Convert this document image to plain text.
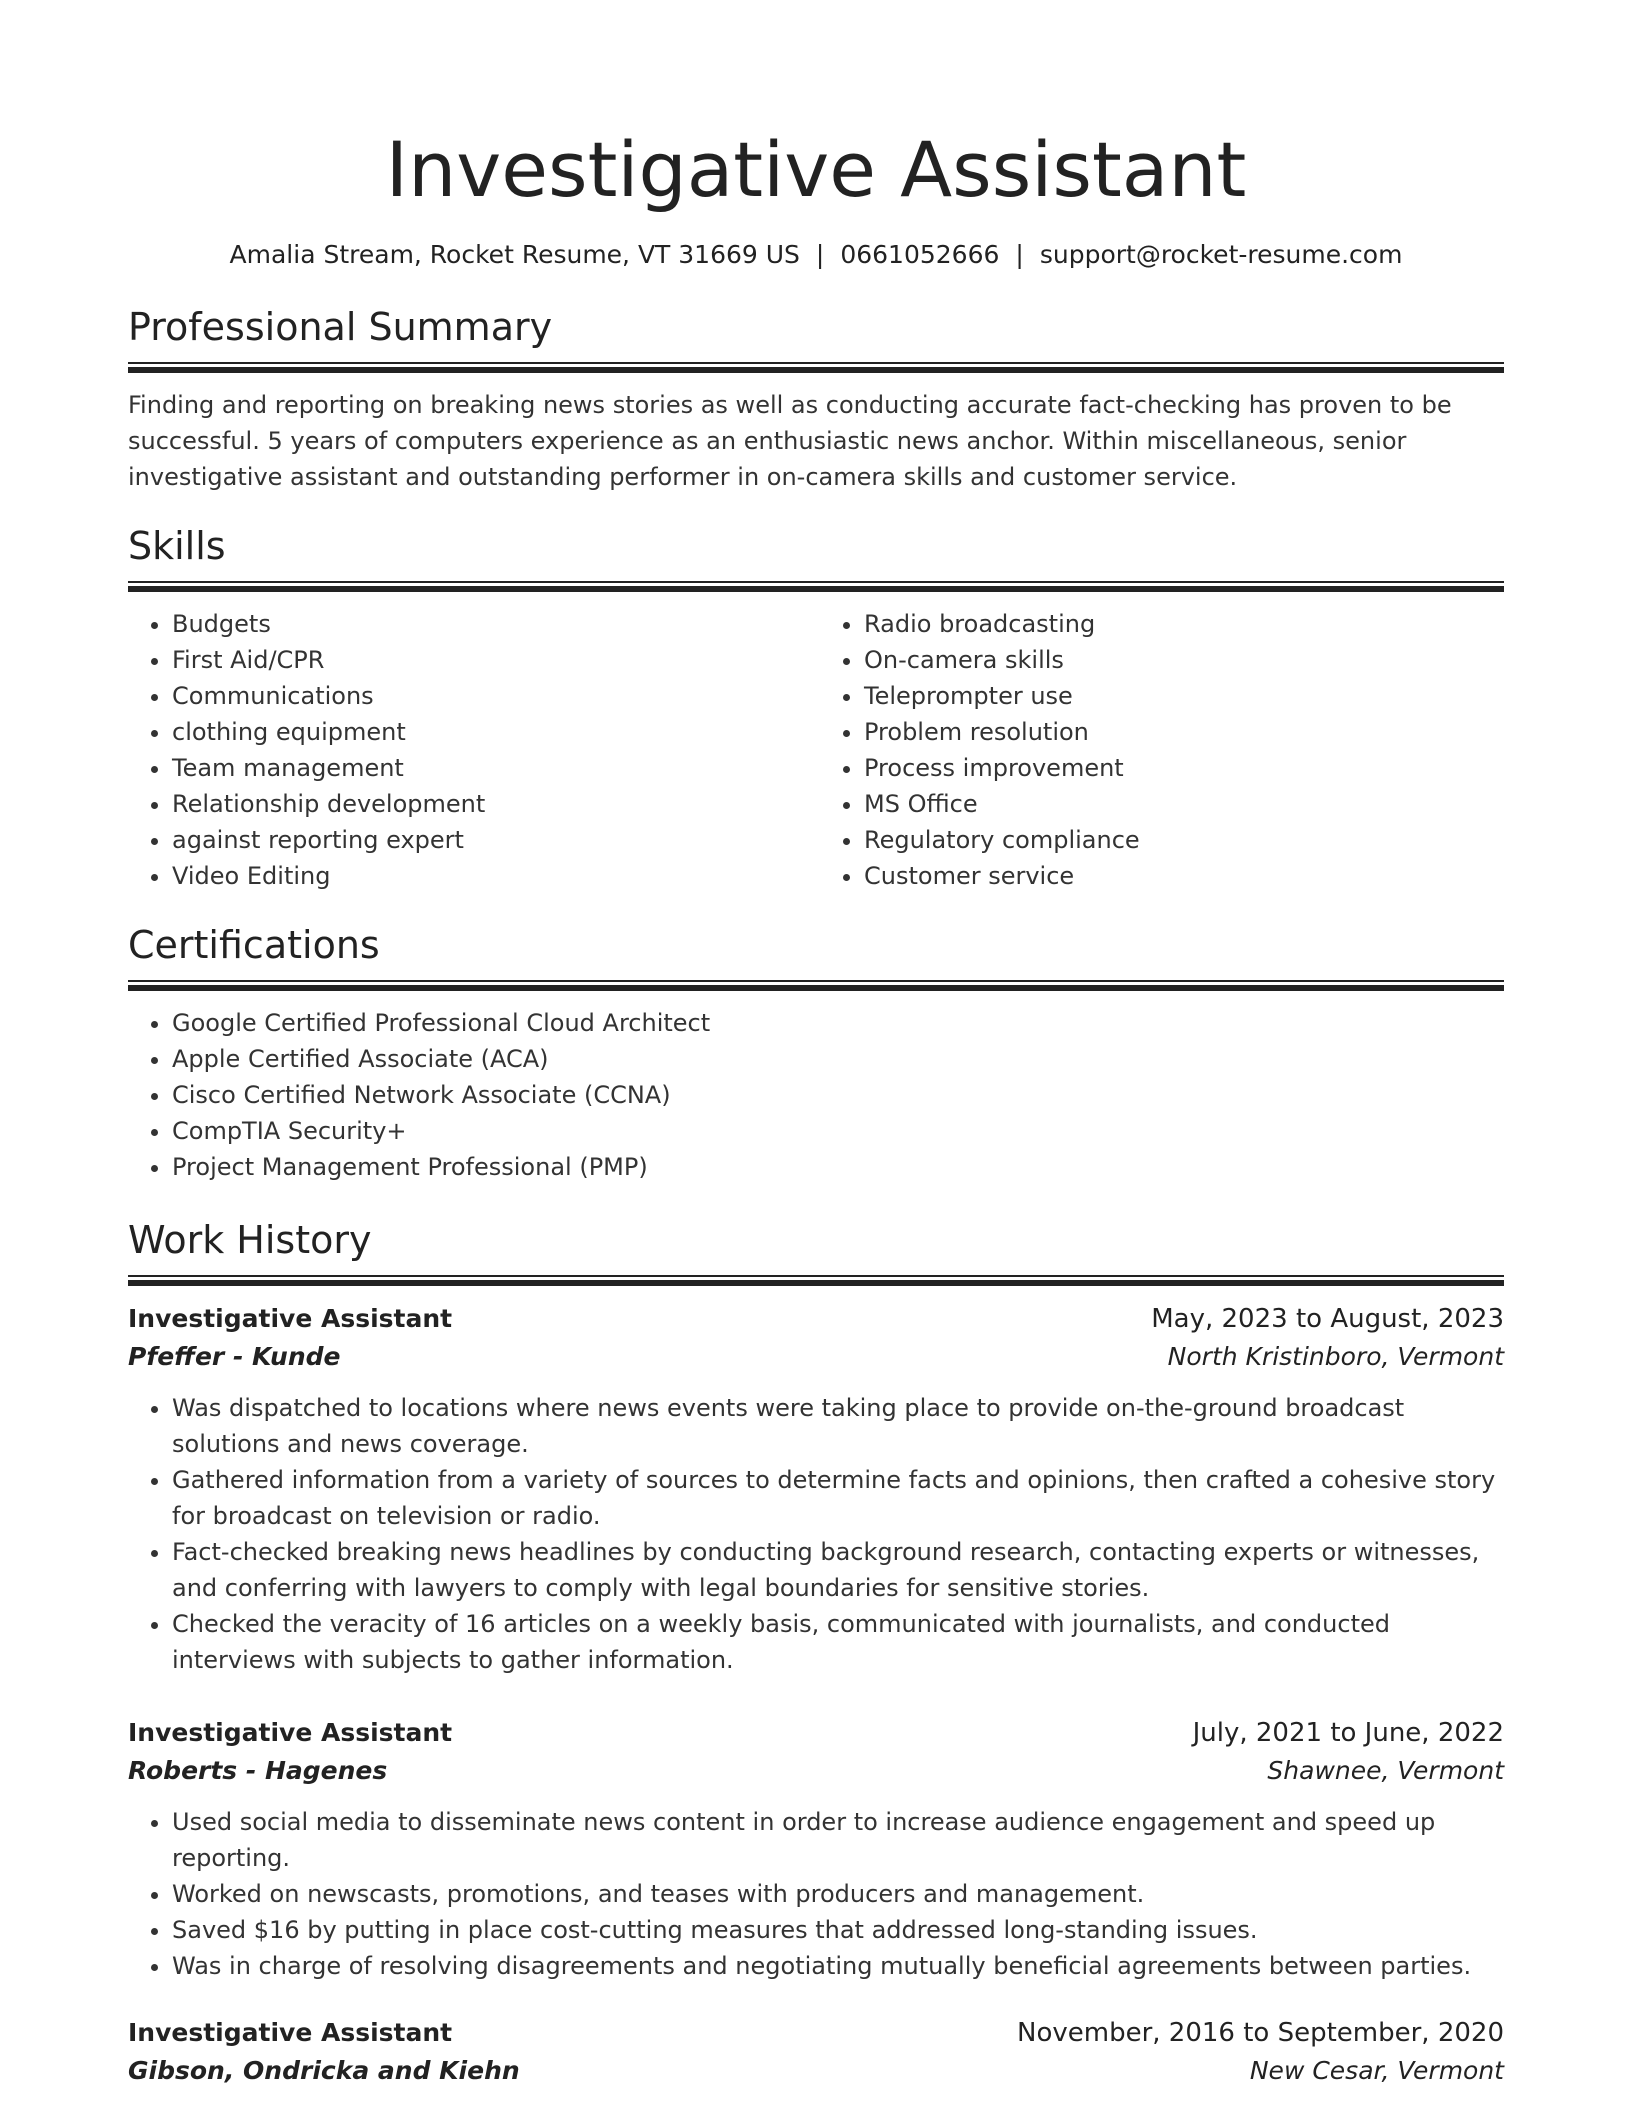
Investigative Assistant
Amalia Stream, Rocket Resume, VT 31669 US | 0661052666 | support@rocket-resume.com
Professional Summary

Finding and reporting on breaking news stories as well as conducting accurate fact-checking has proven to be successful. 5 years of computers experience as an enthusiastic news anchor. Within miscellaneous, senior investigative assistant and outstanding performer in on-camera skills and customer service.

Skills
• Budgets
• First Aid/CPR
• Communications
• clothing equipment
• Team management
• Relationship development
• against reporting expert
• Video Editing
• Radio broadcasting
• On-camera skills
• Teleprompter use
• Problem resolution
• Process improvement
• MS Office
• Regulatory compliance
• Customer service
Certifications
• Google Certified Professional Cloud Architect
• Apple Certified Associate (ACA)
• Cisco Certified Network Associate (CCNA)
• CompTIA Security+
• Project Management Professional (PMP)
Work History
Investigative Assistant	May, 2023 to August, 2023
Pfeffer - Kunde	North Kristinboro, Vermont
• Was dispatched to locations where news events were taking place to provide on-the-ground broadcast solutions and news coverage.
• Gathered information from a variety of sources to determine facts and opinions, then crafted a cohesive story for broadcast on television or radio.
• Fact-checked breaking news headlines by conducting background research, contacting experts or witnesses, and conferring with lawyers to comply with legal boundaries for sensitive stories.
• Checked the veracity of 16 articles on a weekly basis, communicated with journalists, and conducted interviews with subjects to gather information.
Investigative Assistant	July, 2021 to June, 2022
Roberts - Hagenes	Shawnee, Vermont
• Used social media to disseminate news content in order to increase audience engagement and speed up reporting.
• Worked on newscasts, promotions, and teases with producers and management.
• Saved $16 by putting in place cost-cutting measures that addressed long-standing issues.
• Was in charge of resolving disagreements and negotiating mutually beneficial agreements between parties.
Investigative Assistant	November, 2016 to September, 2020
Gibson, Ondricka and Kiehn	New Cesar, Vermont
